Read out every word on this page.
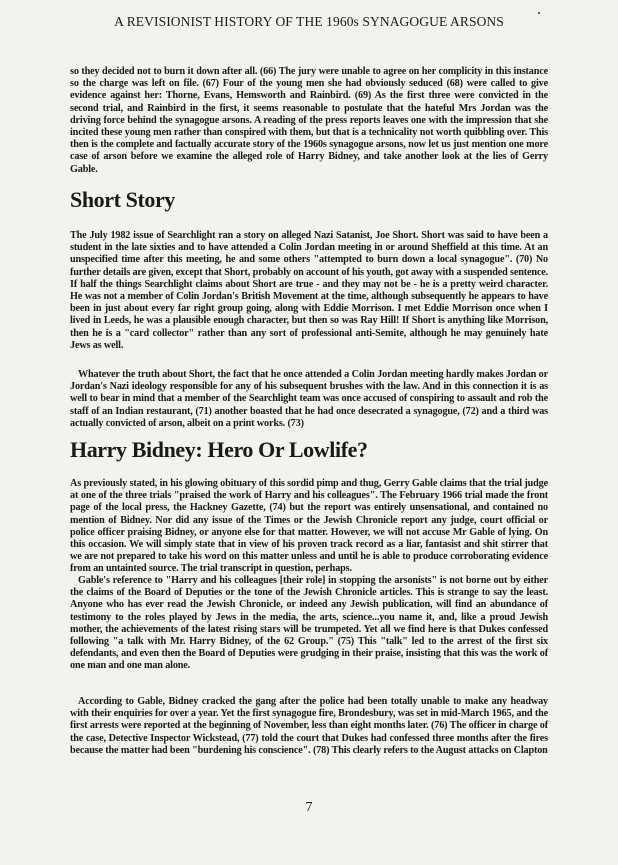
A REVISIONIST HISTORY OF THE 1960s SYNAGOGUE ARSONS

so they decided not to burn it down after all. (66) The jury were unable to agree on her complicity in this instance so the charge was left on file. (67) Four of the young men she had obviously seduced (68) were called to give evidence against her: Thorne, Evans, Hemsworth and Rainbird. (69) As the first three were convicted in the second trial, and Rainbird in the first, it seems reasonable to postulate that the hateful Mrs Jordan was the driving force behind the synagogue arsons. A reading of the press reports leaves one with the impression that she incited these young men rather than conspired with them, but that is a technicality not worth quibbling over. This then is the complete and factually accurate story of the 1960s synagogue arsons, now let us just mention one more case of arson before we examine the alleged role of Harry Bidney, and take another look at the lies of Gerry Gable.

Short Story

The July 1982 issue of Searchlight ran a story on alleged Nazi Satanist, Joe Short. Short was said to have been a student in the late sixties and to have attended a Colin Jordan meeting in or around Sheffield at this time. At an unspecified time after this meeting, he and some others "attempted to burn down a local synagogue". (70) No further details are given, except that Short, probably on account of his youth, got away with a suspended sentence. If half the things Searchlight claims about Short are true - and they may not be - he is a pretty weird character. He was not a member of Colin Jordan's British Movement at the time, although subsequently he appears to have been in just about every far right group going, along with Eddie Morrison. I met Eddie Morrison once when I lived in Leeds, he was a plausible enough character, but then so was Ray Hill! If Short is anything like Morrison, then he is a "card collector" rather than any sort of professional anti-Semite, although he may genuinely hate Jews as well.

Whatever the truth about Short, the fact that he once attended a Colin Jordan meeting hardly makes Jordan or Jordan's Nazi ideology responsible for any of his subsequent brushes with the law. And in this connection it is as well to bear in mind that a member of the Searchlight team was once accused of conspiring to assault and rob the staff of an Indian restaurant, (71) another boasted that he had once desecrated a synagogue, (72) and a third was actually convicted of arson, albeit on a print works. (73)

Harry Bidney: Hero Or Lowlife?

As previously stated, in his glowing obituary of this sordid pimp and thug, Gerry Gable claims that the trial judge at one of the three trials "praised the work of Harry and his colleagues". The February 1966 trial made the front page of the local press, the Hackney Gazette, (74) but the report was entirely unsensational, and contained no mention of Bidney. Nor did any issue of the Times or the Jewish Chronicle report any judge, court official or police officer praising Bidney, or anyone else for that matter. However, we will not accuse Mr Gable of lying. On this occasion. We will simply state that in view of his proven track record as a liar, fantasist and shit stirrer that we are not prepared to take his word on this matter unless and until he is able to produce corroborating evidence from an untainted source. The trial transcript in question, perhaps.

Gable's reference to "Harry and his colleagues [their role] in stopping the arsonists" is not borne out by either the claims of the Board of Deputies or the tone of the Jewish Chronicle articles. This is strange to say the least. Anyone who has ever read the Jewish Chronicle, or indeed any Jewish publication, will find an abundance of testimony to the roles played by Jews in the media, the arts, science...you name it, and, like a proud Jewish mother, the achievements of the latest rising stars will be trumpeted. Yet all we find here is that Dukes confessed following "a talk with Mr. Harry Bidney, of the 62 Group." (75) This "talk" led to the arrest of the first six defendants, and even then the Board of Deputies were grudging in their praise, insisting that this was the work of one man and one man alone.

According to Gable, Bidney cracked the gang after the police had been totally unable to make any headway with their enquiries for over a year. Yet the first synagogue fire, Brondesbury, was set in mid-March 1965, and the first arrests were reported at the beginning of November, less than eight months later. (76) The officer in charge of the case, Detective Inspector Wickstead, (77) told the court that Dukes had confessed three months after the fires because the matter had been "burdening his conscience". (78) This clearly refers to the August attacks on Clapton

7
